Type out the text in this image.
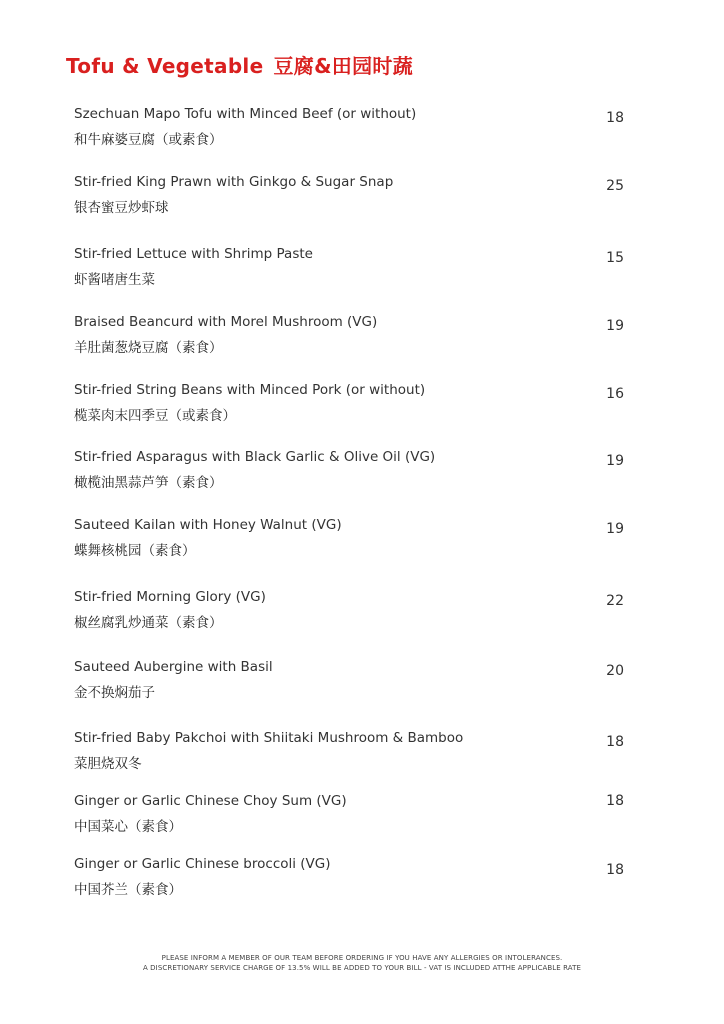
Tofu & Vegetable 豆腐&田园时蔬
Szechuan Mapo Tofu with Minced Beef (or without)
和牛麻婆豆腐（或素食）
18
Stir-fried King Prawn with Ginkgo & Sugar Snap
银杏蜜豆炒虾球
25
Stir-fried Lettuce with Shrimp Paste
虾酱啫唐生菜
15
Braised Beancurd with Morel Mushroom (VG)
羊肚菌葱烧豆腐（素食）
19
Stir-fried String Beans with Minced Pork (or without)
榄菜肉末四季豆（或素食）
16
Stir-fried Asparagus with Black Garlic & Olive Oil (VG)
橄榄油黑蒜芦笋（素食）
19
Sauteed Kailan with Honey Walnut (VG)
蝶舞核桃园（素食）
19
Stir-fried Morning Glory (VG)
椒丝腐乳炒通菜（素食）
22
Sauteed Aubergine with Basil
金不换焖茄子
20
Stir-fried Baby Pakchoi with Shiitaki Mushroom & Bamboo
菜胆烧双冬
18
Ginger or Garlic Chinese Choy Sum (VG)
中国菜心（素食）
18
Ginger or Garlic Chinese broccoli (VG)
中国芥兰（素食）
18
PLEASE INFORM A MEMBER OF OUR TEAM BEFORE ORDERING IF YOU HAVE ANY ALLERGIES OR INTOLERANCES.
A DISCRETIONARY SERVICE CHARGE OF 13.5% WILL BE ADDED TO YOUR BILL - VAT IS INCLUDED ATTHE APPLICABLE RATE
